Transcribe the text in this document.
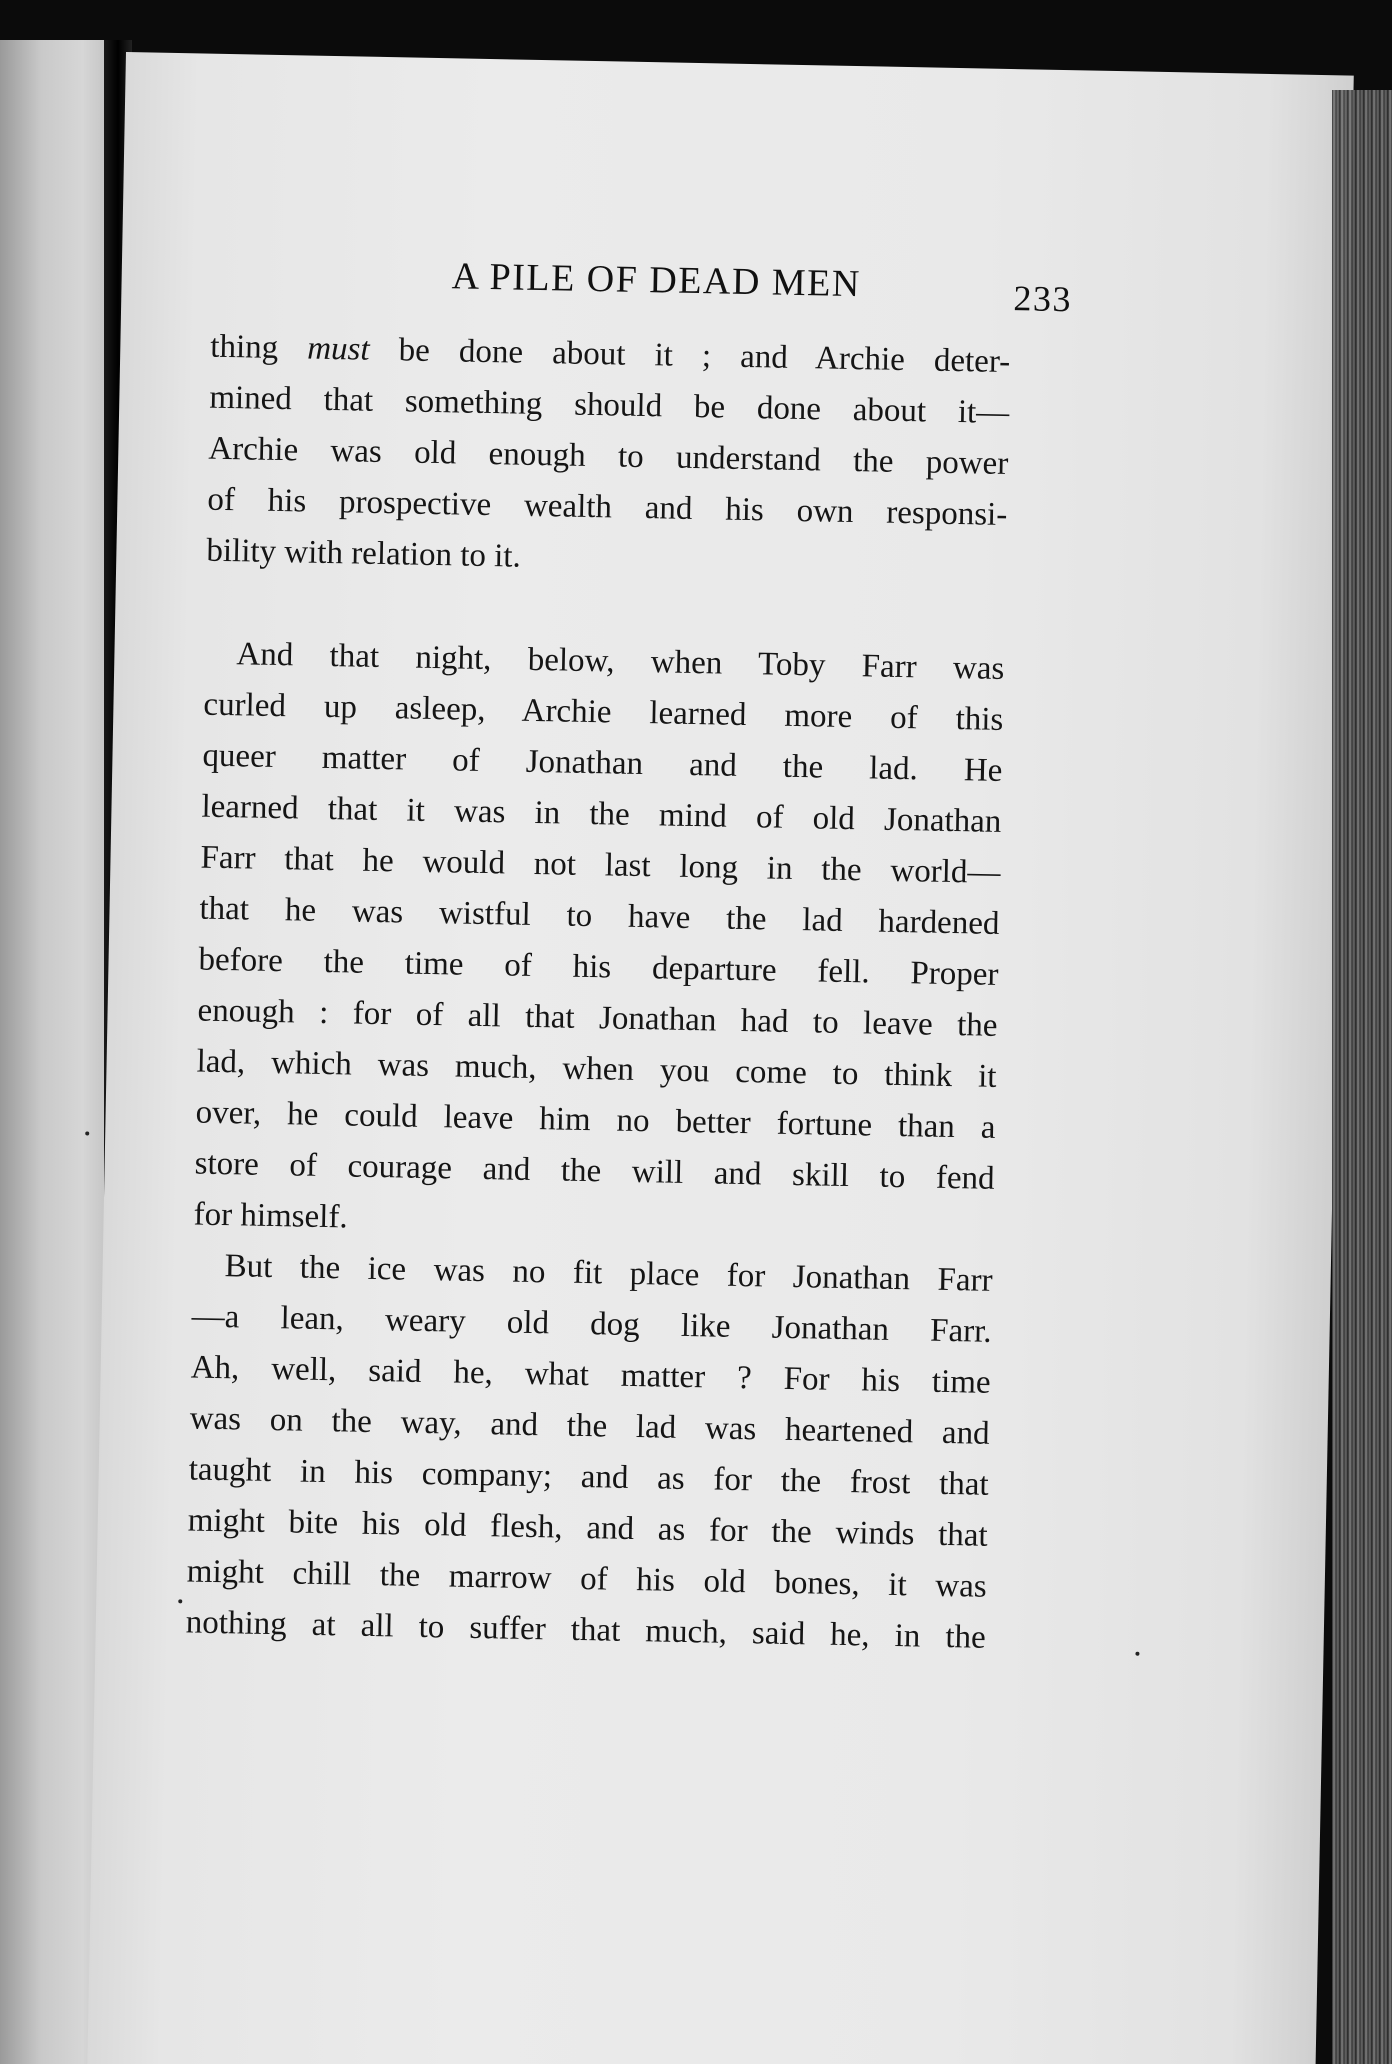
A PILE OF DEAD MEN	233

thing must be done about it ; and Archie deter-

mined that something should be done about it—

Archie was old enough to understand the power

of his prospective wealth and his own responsi-

bility with relation to it.

And that night, below, when Toby Farr was

curled up asleep, Archie learned more of this

queer matter of Jonathan and the lad. He

learned that it was in the mind of old Jonathan

Farr that he would not last long in the world—

that he was wistful to have the lad hardened

before the time of his departure fell. Proper

enough : for of all that Jonathan had to leave the

lad, which was much, when you come to think it

over, he could leave him no better fortune than a

store of courage and the will and skill to fend

for himself.

But the ice was no fit place for Jonathan Farr

—a lean, weary old dog like Jonathan Farr.

Ah, well, said he, what matter ? For his time

was on the way, and the lad was heartened and

taught in his company; and as for the frost that

might bite his old flesh, and as for the winds that

might chill the marrow of his old bones, it was

nothing at all to suffer that much, said he, in the
